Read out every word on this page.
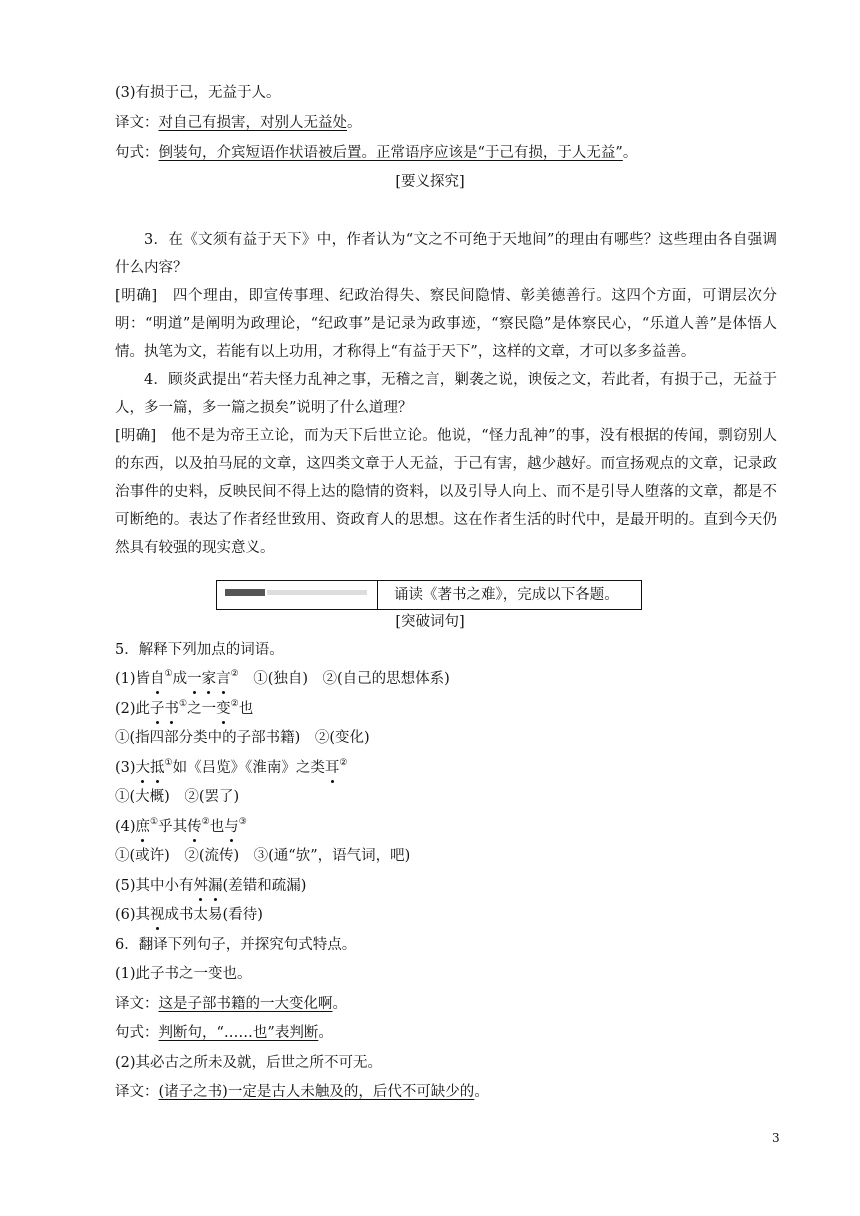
(3)有损于己，无益于人。
译文：对自己有损害，对别人无益处。
句式：倒装句，介宾短语作状语被后置。正常语序应该是“于己有损，于人无益”。
[要义探究]
3．在《文须有益于天下》中，作者认为“文之不可绝于天地间”的理由有哪些？这些理由各自强调什么内容？
[明确]　四个理由，即宣传事理、纪政治得失、察民间隐情、彰美德善行。这四个方面，可谓层次分明：“明道”是阐明为政理论，“纪政事”是记录为政事迹，“察民隐”是体察民心，“乐道人善”是体悟人情。执笔为文，若能有以上功用，才称得上“有益于天下”，这样的文章，才可以多多益善。
4．顾炎武提出“若夫怪力乱神之事，无稽之言，剿袭之说，谀佞之文，若此者，有损于己，无益于人，多一篇，多一篇之损矣”说明了什么道理？
[明确]　他不是为帝王立论，而为天下后世立论。他说，“怪力乱神”的事，没有根据的传闻，剽窃别人的东西，以及拍马屁的文章，这四类文章于人无益，于己有害，越少越好。而宣扬观点的文章，记录政治事件的史料，反映民间不得上达的隐情的资料，以及引导人向上、而不是引导人堕落的文章，都是不可断绝的。表达了作者经世致用、资政育人的思想。这在作者生活的时代中，是最开明的。直到今天仍然具有较强的现实意义。
诵读《著书之难》，完成以下各题。
[突破词句]
5．解释下列加点的词语。
(1)皆自①成一家言②　①(独自)　②(自己的思想体系)
(2)此子书①之一变②也
①(指四部分类中的子部书籍)　②(变化)
(3)大抵①如《吕览》《淮南》之类耳②
①(大概)　②(罢了)
(4)庶①乎其传②也与③
①(或许)　②(流传)　③(通“欤”，语气词，吧)
(5)其中小有舛漏(差错和疏漏)
(6)其视成书太易(看待)
6．翻译下列句子，并探究句式特点。
(1)此子书之一变也。
译文：这是子部书籍的一大变化啊。
句式：判断句，“……也”表判断。
(2)其必古之所未及就，后世之所不可无。
译文：(诸子之书)一定是古人未触及的，后代不可缺少的。
3
